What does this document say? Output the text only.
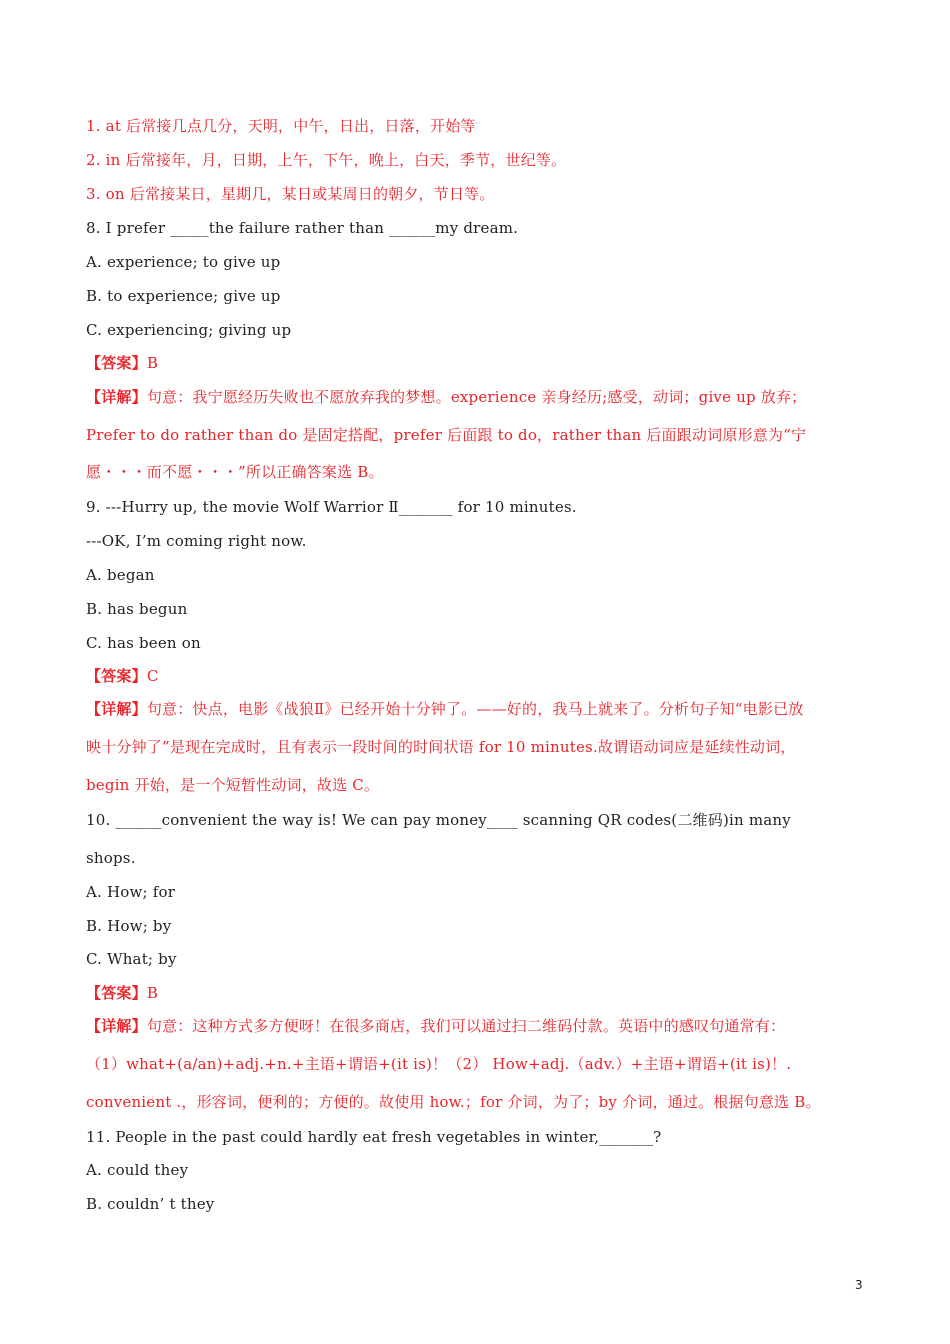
1. at 后常接几点几分，天明，中午，日出，日落，开始等
2. in 后常接年，月，日期，上午，下午，晚上，白天，季节，世纪等。
3. on 后常接某日，星期几，某日或某周日的朝夕，节日等。
8. I prefer _____the failure rather than ______my dream.
A. experience; to give up
B. to experience; give up
C. experiencing; giving up
【答案】B
【详解】句意：我宁愿经历失败也不愿放弃我的梦想。experience 亲身经历;感受，动词；give up 放弃；
Prefer to do rather than do 是固定搭配，prefer 后面跟 to do，rather than 后面跟动词原形意为“宁
愿・・・而不愿・・・”所以正确答案选 B。
9. ---Hurry up, the movie Wolf Warrior Ⅱ_______ for 10 minutes.
---OK, I’m coming right now.
A. began
B. has begun
C. has been on
【答案】C
【详解】句意：快点，电影《战狼Ⅱ》已经开始十分钟了。——好的，我马上就来了。分析句子知“电影已放
映十分钟了”是现在完成时，且有表示一段时间的时间状语 for 10 minutes.故谓语动词应是延续性动词，
begin 开始，是一个短暂性动词，故选 C。
10. ______convenient the way is! We can pay money____ scanning QR codes(二维码)in many
shops.
A. How; for
B. How; by
C. What; by
【答案】B
【详解】句意：这种方式多方便呀！在很多商店，我们可以通过扫二维码付款。英语中的感叹句通常有：
（1）what+(a/an)+adj.+n.+主语+谓语+(it is)！（2） How+adj.（adv.）+主语+谓语+(it is)！.
convenient .，形容词，便利的；方便的。故使用 how.；for 介词，为了；by 介词，通过。根据句意选 B。
11. People in the past could hardly eat fresh vegetables in winter,_______?
A. could they
B. couldn’ t they
3
